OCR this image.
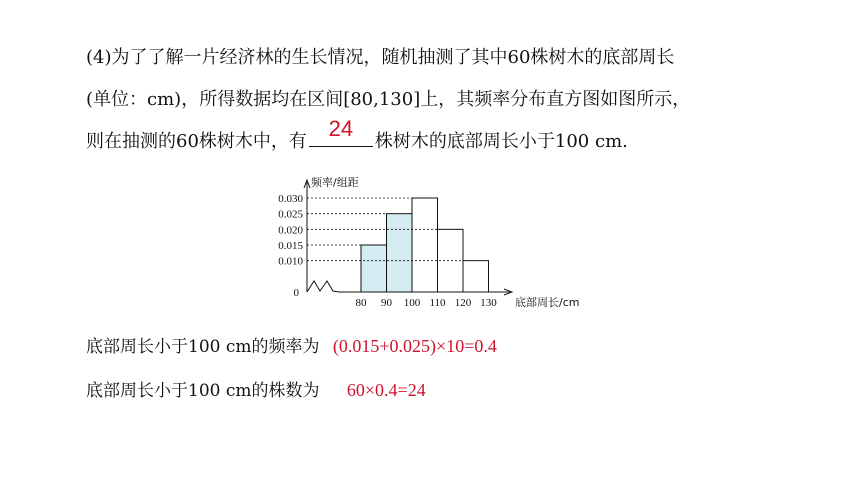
(4)为了了解一片经济林的生长情况，随机抽测了其中60株树木的底部周长
(单位：cm)，所得数据均在区间[80,130]上，其频率分布直方图如图所示，
则在抽测的60株树木中，有
24
株树木的底部周长小于100 cm.
0.030
0.025
0.020
0.015
0.010
0
80 90 100 110 120 130
频率/组距
底部周长/cm
底部周长小于100 cm的频率为 (0.015+0.025)×10=0.4
底部周长小于100 cm的株数为 60×0.4=24
